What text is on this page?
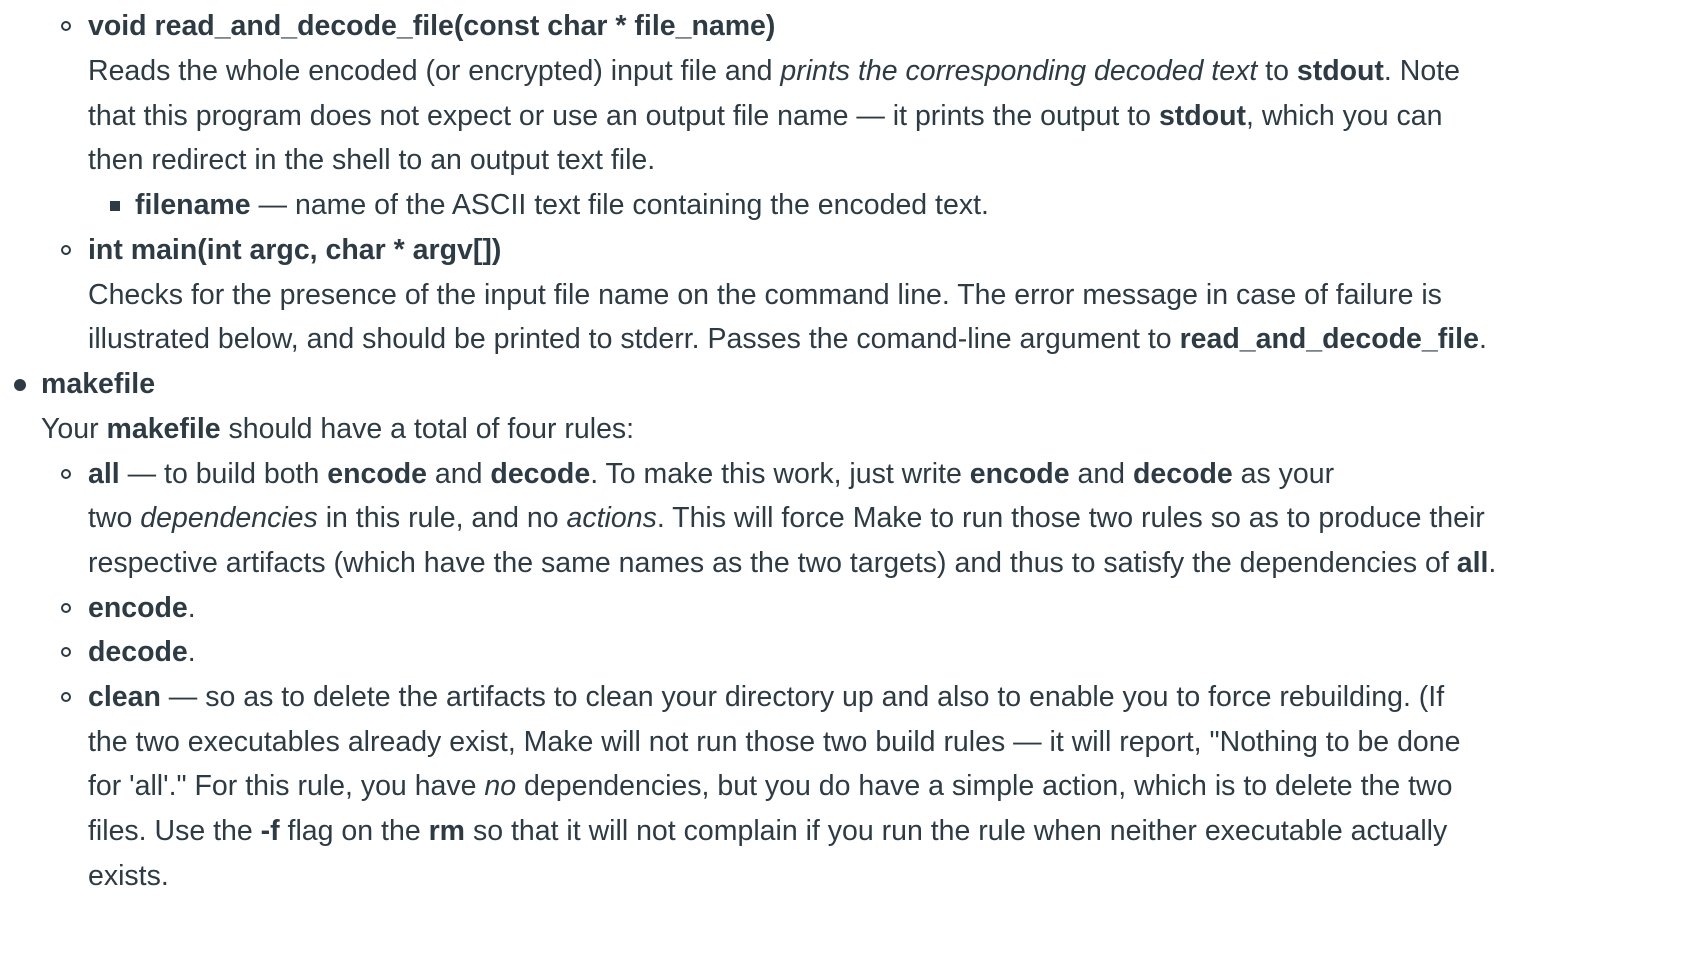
void read_and_decode_file(const char * file_name)
Reads the whole encoded (or encrypted) input file and prints the corresponding decoded text to stdout. Note
that this program does not expect or use an output file name — it prints the output to stdout, which you can
then redirect in the shell to an output text file.
filename — name of the ASCII text file containing the encoded text.
int main(int argc, char * argv[])
Checks for the presence of the input file name on the command line. The error message in case of failure is
illustrated below, and should be printed to stderr. Passes the comand-line argument to read_and_decode_file.
makefile
Your makefile should have a total of four rules:
all — to build both encode and decode. To make this work, just write encode and decode as your
two dependencies in this rule, and no actions. This will force Make to run those two rules so as to produce their
respective artifacts (which have the same names as the two targets) and thus to satisfy the dependencies of all.
encode.
decode.
clean — so as to delete the artifacts to clean your directory up and also to enable you to force rebuilding. (If
the two executables already exist, Make will not run those two build rules — it will report, "Nothing to be done
for 'all'." For this rule, you have no dependencies, but you do have a simple action, which is to delete the two
files. Use the -f flag on the rm so that it will not complain if you run the rule when neither executable actually
exists.
